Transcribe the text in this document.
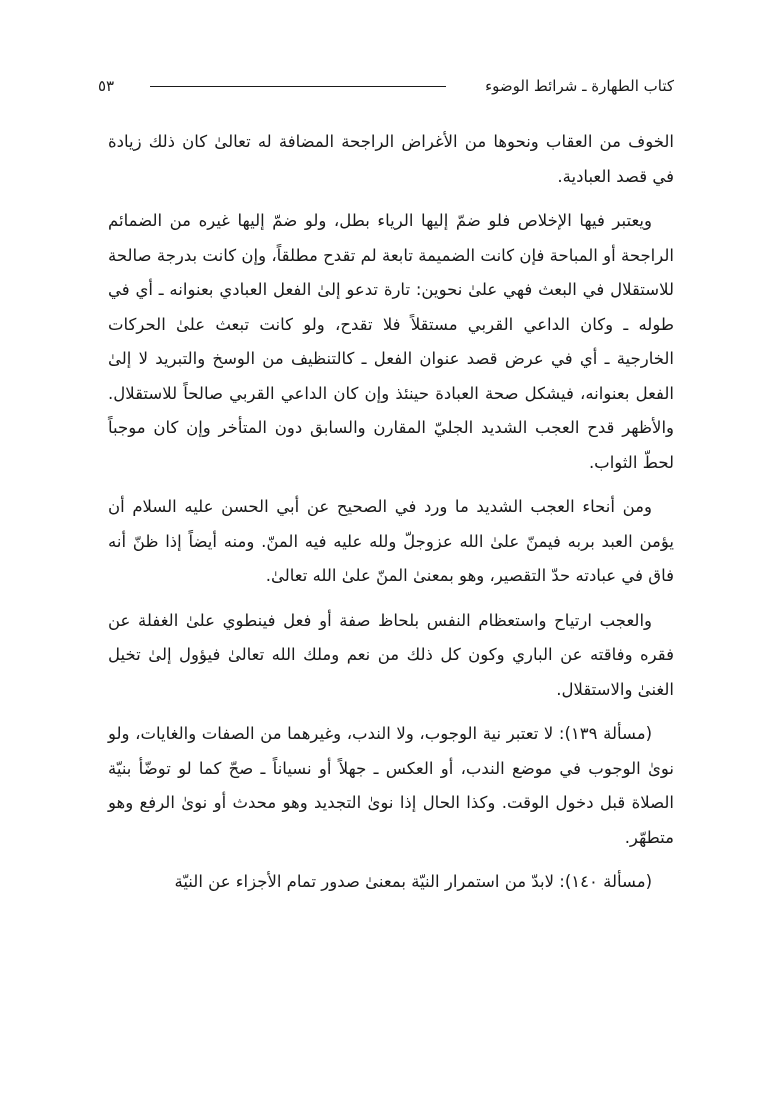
كتاب الطهارة ـ شرائط الوضوء
٥٣

الخوف من العقاب ونحوها من الأغراض الراجحة المضافة له تعالىٰ كان ذلك زيادة في قصد العبادية.

ويعتبر فيها الإخلاص فلو ضمّ إليها الرياء بطل، ولو ضمّ إليها غيره من الضمائم الراجحة أو المباحة فإن كانت الضميمة تابعة لم تقدح مطلقاً، وإن كانت بدرجة صالحة للاستقلال في البعث فهي علىٰ نحوين: تارة تدعو إلىٰ الفعل العبادي بعنوانه ـ أي في طوله ـ وكان الداعي القربي مستقلاً فلا تقدح، ولو كانت تبعث علىٰ الحركات الخارجية ـ أي في عرض قصد عنوان الفعل ـ كالتنظيف من الوسخ والتبريد لا إلىٰ الفعل بعنوانه، فيشكل صحة العبادة حينئذ وإن كان الداعي القربي صالحاً للاستقلال. والأظهر قدح العجب الشديد الجليّ المقارن والسابق دون المتأخر وإن كان موجباً لحطّ الثواب.

ومن أنحاء العجب الشديد ما ورد في الصحيح عن أبي الحسن عليه السلام أن يؤمن العبد بربه فيمنّ علىٰ الله عزوجلّ ولله عليه فيه المنّ. ومنه أيضاً إذا ظنّ أنه فاق في عبادته حدّ التقصير، وهو بمعنىٰ المنّ علىٰ الله تعالىٰ.

والعجب ارتياح واستعظام النفس بلحاظ صفة أو فعل فينطوي علىٰ الغفلة عن فقره وفاقته عن الباري وكون كل ذلك من نعم وملك الله تعالىٰ فيؤول إلىٰ تخيل الغنىٰ والاستقلال.

(مسألة ١٣٩): لا تعتبر نية الوجوب، ولا الندب، وغيرهما من الصفات والغايات، ولو نوىٰ الوجوب في موضع الندب، أو العكس ـ جهلاً أو نسياناً ـ صحّ كما لو توضّأ بنيّة الصلاة قبل دخول الوقت. وكذا الحال إذا نوىٰ التجديد وهو محدث أو نوىٰ الرفع وهو متطهّر.

(مسألة ١٤٠): لابدّ من استمرار النيّة بمعنىٰ صدور تمام الأجزاء عن النيّة
